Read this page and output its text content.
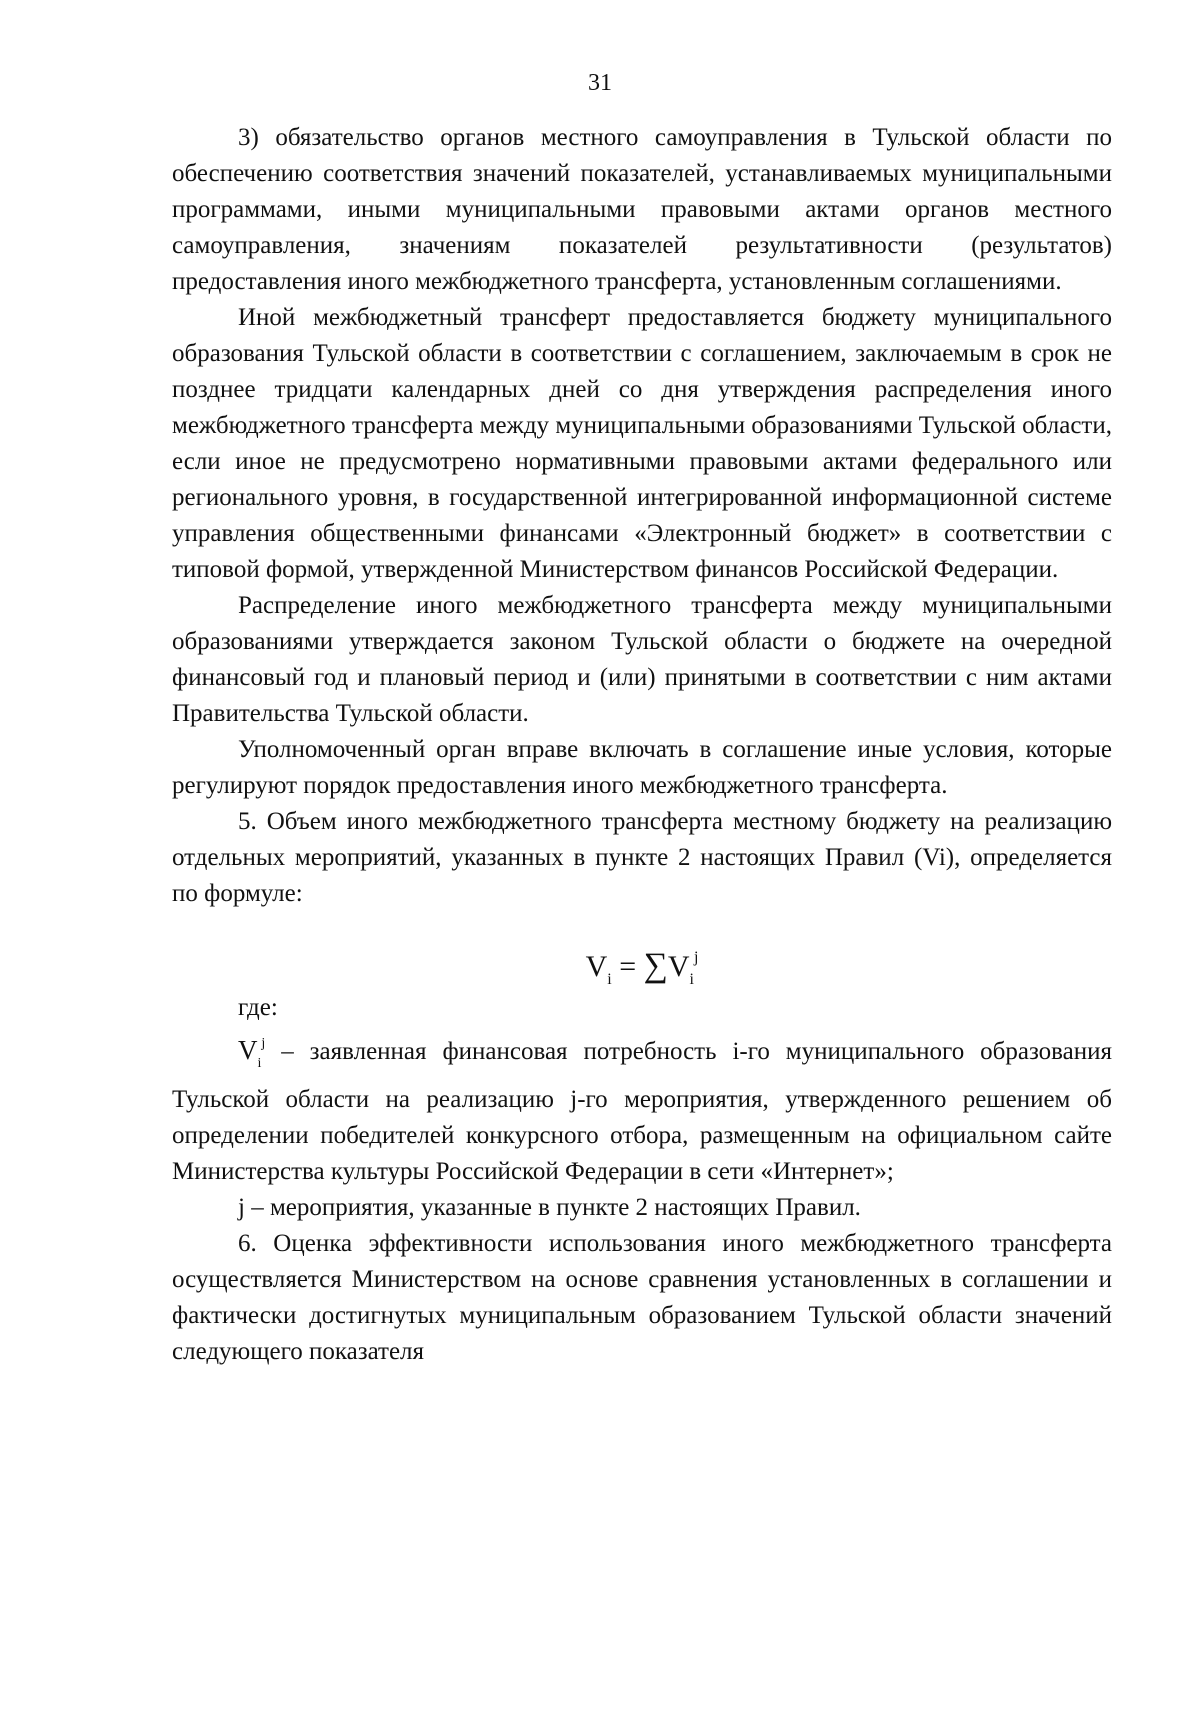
31

3) обязательство органов местного самоуправления в Тульской области по обеспечению соответствия значений показателей, устанавливаемых муниципальными программами, иными муниципальными правовыми актами органов местного самоуправления, значениям показателей результативности (результатов) предоставления иного межбюджетного трансферта, установленным соглашениями.

Иной межбюджетный трансферт предоставляется бюджету муниципального образования Тульской области в соответствии с соглашением, заключаемым в срок не позднее тридцати календарных дней со дня утверждения распределения иного межбюджетного трансферта между муниципальными образованиями Тульской области, если иное не предусмотрено нормативными правовыми актами федерального или регионального уровня, в государственной интегрированной информационной системе управления общественными финансами «Электронный бюджет» в соответствии с типовой формой, утвержденной Министерством финансов Российской Федерации.

Распределение иного межбюджетного трансферта между муниципальными образованиями утверждается законом Тульской области о бюджете на очередной финансовый год и плановый период и (или) принятыми в соответствии с ним актами Правительства Тульской области.

Уполномоченный орган вправе включать в соглашение иные условия, которые регулируют порядок предоставления иного межбюджетного трансферта.

5. Объем иного межбюджетного трансферта местному бюджету на реализацию отдельных мероприятий, указанных в пункте 2 настоящих Правил (Vi), определяется по формуле:

$V_i = \sum V_i^j$
где:

$V_i^j$ – заявленная финансовая потребность i-го муниципального образования Тульской области на реализацию j-го мероприятия, утвержденного решением об определении победителей конкурсного отбора, размещенным на официальном сайте Министерства культуры Российской Федерации в сети «Интернет»;

j – мероприятия, указанные в пункте 2 настоящих Правил.

6. Оценка эффективности использования иного межбюджетного трансферта осуществляется Министерством на основе сравнения установленных в соглашении и фактически достигнутых муниципальным образованием Тульской области значений следующего показателя
